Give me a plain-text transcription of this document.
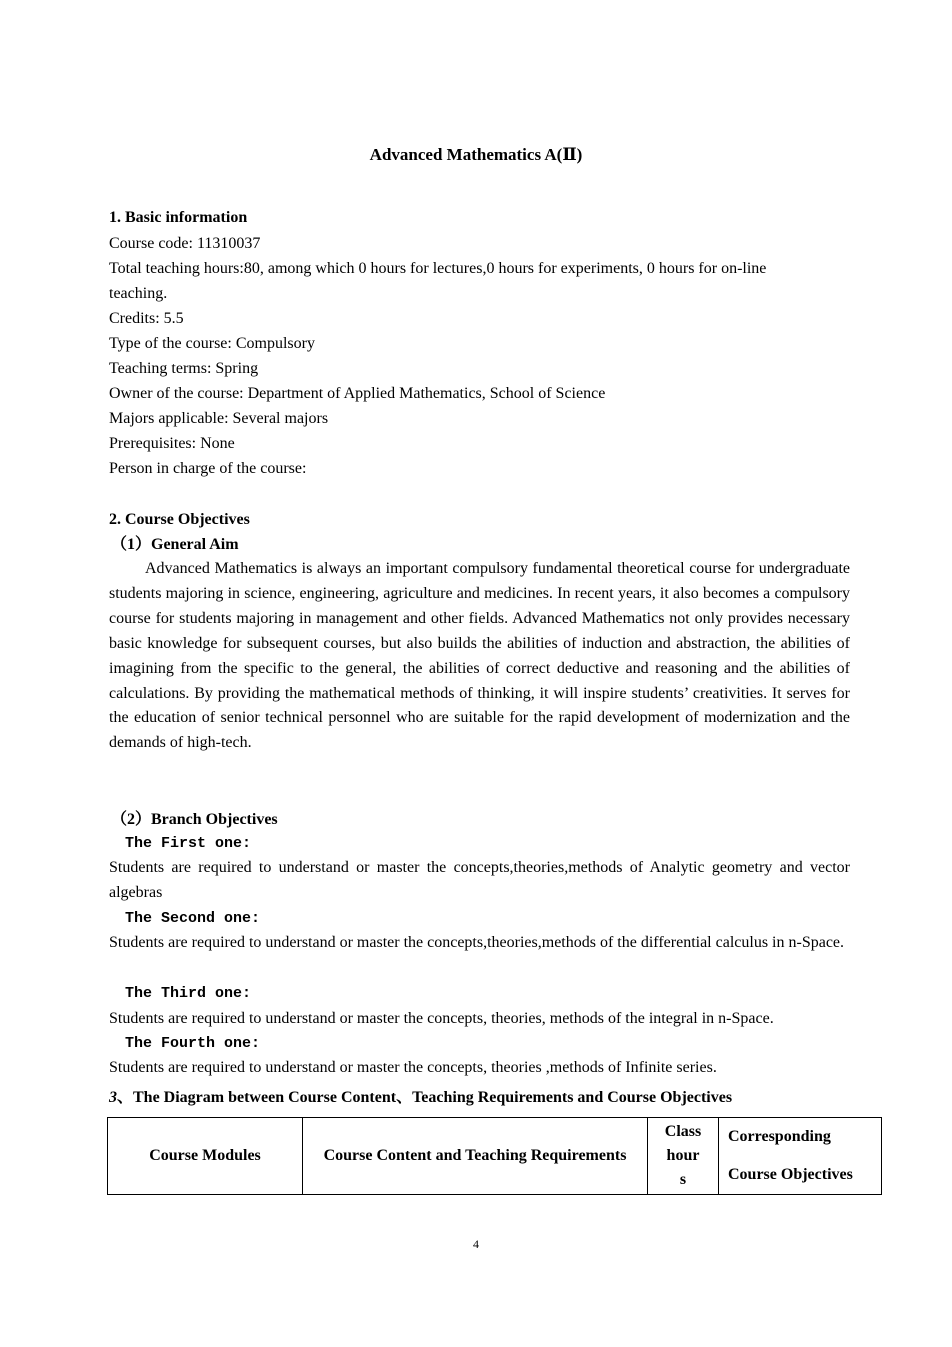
Advanced Mathematics A(Ⅱ)
1. Basic information
Course code: 11310037
Total teaching hours:80, among which 0 hours for lectures,0 hours for experiments, 0 hours for on-line
teaching.
Credits: 5.5
Type of the course: Compulsory
Teaching terms: Spring
Owner of the course: Department of Applied Mathematics, School of Science
Majors applicable: Several majors
Prerequisites: None
Person in charge of the course:
2. Course Objectives
（1）General Aim
Advanced Mathematics is always an important compulsory fundamental theoretical course for undergraduate students majoring in science, engineering, agriculture and medicines. In recent years, it also becomes a compulsory course for students majoring in management and other fields. Advanced Mathematics not only provides necessary basic knowledge for subsequent courses, but also builds the abilities of induction and abstraction, the abilities of imagining from the specific to the general, the abilities of correct deductive and reasoning and the abilities of calculations. By providing the mathematical methods of thinking, it will inspire students’ creativities. It serves for the education of senior technical personnel who are suitable for the rapid development of modernization and the demands of high-tech.
（2）Branch Objectives
The First one:
Students are required to understand or master the concepts,theories,methods of Analytic geometry and vector algebras
The Second one:
Students are required to understand or master the concepts,theories,methods of the differential calculus in n-Space.
The Third one:
Students are required to understand or master the concepts, theories, methods of the integral in n-Space.
The Fourth one:
Students are required to understand or master the concepts, theories ,methods of Infinite series.
3、The Diagram between Course Content、Teaching Requirements and Course Objectives
Course Modules	Course Content and Teaching Requirements	Class
hour
s	Corresponding
Course Objectives
4
